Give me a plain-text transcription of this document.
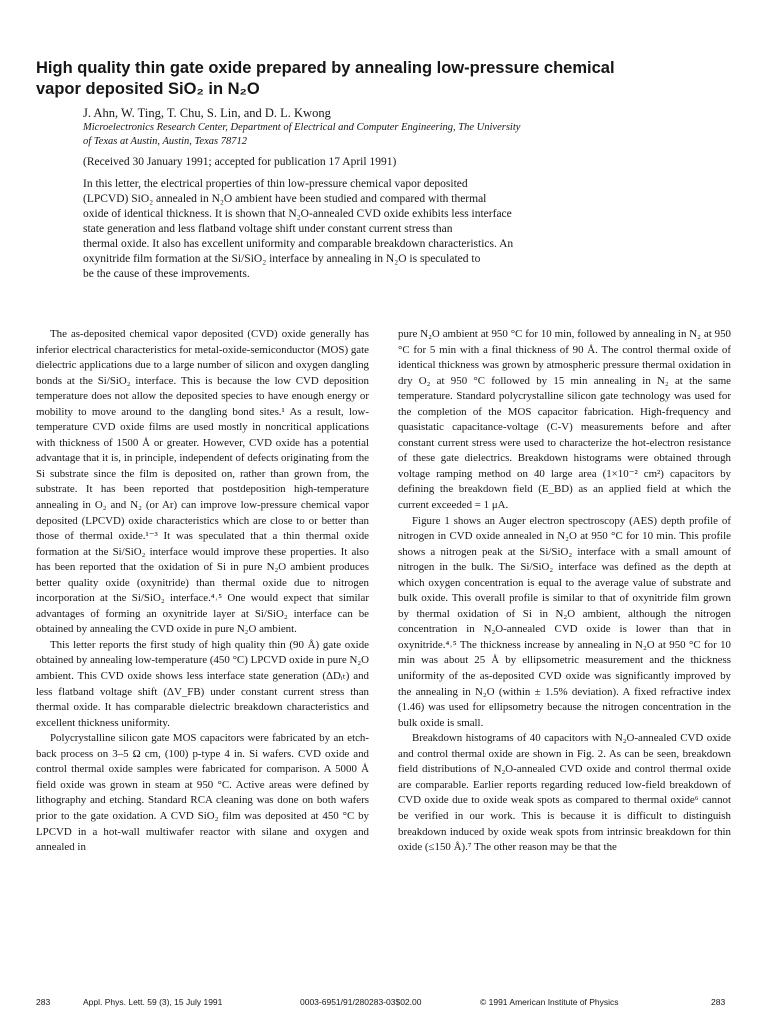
High quality thin gate oxide prepared by annealing low-pressure chemical
vapor deposited SiO₂ in N₂O

J. Ahn, W. Ting, T. Chu, S. Lin, and D. L. Kwong

Microelectronics Research Center, Department of Electrical and Computer Engineering, The University
of Texas at Austin, Austin, Texas 78712

(Received 30 January 1991; accepted for publication 17 April 1991)

In this letter, the electrical properties of thin low-pressure chemical vapor deposited
(LPCVD) SiO₂ annealed in N₂O ambient have been studied and compared with thermal
oxide of identical thickness. It is shown that N₂O-annealed CVD oxide exhibits less interface
state generation and less flatband voltage shift under constant current stress than
thermal oxide. It also has excellent uniformity and comparable breakdown characteristics. An
oxynitride film formation at the Si/SiO₂ interface by annealing in N₂O is speculated to
be the cause of these improvements.

The as-deposited chemical vapor deposited (CVD) oxide generally has inferior electrical characteristics for metal-oxide-semiconductor (MOS) gate dielectric applications due to a large number of silicon and oxygen dangling bonds at the Si/SiO₂ interface. This is because the low CVD deposition temperature does not allow the deposited species to have enough energy or mobility to move around to the dangling bond sites.¹ As a result, low-temperature CVD oxide films are used mostly in noncritical applications with thickness of 1500 Å or greater. However, CVD oxide has a potential advantage that it is, in principle, independent of defects originating from the Si substrate since the film is deposited on, rather than grown from, the substrate. It has been reported that postdeposition high-temperature annealing in O₂ and N₂ (or Ar) can improve low-pressure chemical vapor deposited (LPCVD) oxide characteristics which are close to or better than those of thermal oxide.¹⁻³ It was speculated that a thin thermal oxide formation at the Si/SiO₂ interface would improve these properties. It also has been reported that the oxidation of Si in pure N₂O ambient produces better quality oxide (oxynitride) than thermal oxide due to nitrogen incorporation at the Si/SiO₂ interface.⁴˒⁵ One would expect that similar advantages of forming an oxynitride layer at Si/SiO₂ interface can be obtained by annealing the CVD oxide in pure N₂O ambient.

This letter reports the first study of high quality thin (90 Å) gate oxide obtained by annealing low-temperature (450 °C) LPCVD oxide in pure N₂O ambient. This CVD oxide shows less interface state generation (ΔDᵢₜ) and less flatband voltage shift (ΔV_FB) under constant current stress than thermal oxide. It has comparable dielectric breakdown characteristics and excellent thickness uniformity.

Polycrystalline silicon gate MOS capacitors were fabricated by an etch-back process on 3–5 Ω cm, (100) p-type 4 in. Si wafers. CVD oxide and control thermal oxide samples were fabricated for comparison. A 5000 Å field oxide was grown in steam at 950 °C. Active areas were defined by lithography and etching. Standard RCA cleaning was done on both wafers prior to the gate oxidation. A CVD SiO₂ film was deposited at 450 °C by LPCVD in a hot-wall multiwafer reactor with silane and oxygen and annealed in

pure N₂O ambient at 950 °C for 10 min, followed by annealing in N₂ at 950 °C for 5 min with a final thickness of 90 Å. The control thermal oxide of identical thickness was grown by atmospheric pressure thermal oxidation in dry O₂ at 950 °C followed by 15 min annealing in N₂ at the same temperature. Standard polycrystalline silicon gate technology was used for the completion of the MOS capacitor fabrication. High-frequency and quasistatic capacitance-voltage (C-V) measurements before and after constant current stress were used to characterize the hot-electron resistance of these gate dielectrics. Breakdown histograms were obtained through voltage ramping method on 40 large area (1×10⁻² cm²) capacitors by defining the breakdown field (E_BD) as an applied field at which the current exceeded = 1 μA.

Figure 1 shows an Auger electron spectroscopy (AES) depth profile of nitrogen in CVD oxide annealed in N₂O at 950 °C for 10 min. This profile shows a nitrogen peak at the Si/SiO₂ interface with a small amount of nitrogen in the bulk. The Si/SiO₂ interface was defined as the depth at which oxygen concentration is equal to the average value of substrate and bulk oxide. This overall profile is similar to that of oxynitride film grown by thermal oxidation of Si in N₂O ambient, although the nitrogen concentration in N₂O-annealed CVD oxide is lower than that in oxynitride.⁴˒⁵ The thickness increase by annealing in N₂O at 950 °C for 10 min was about 25 Å by ellipsometric measurement and the thickness uniformity of the as-deposited CVD oxide was significantly improved by the annealing in N₂O (within ± 1.5% deviation). A fixed refractive index (1.46) was used for ellipsometry because the nitrogen concentration in the bulk oxide is small.

Breakdown histograms of 40 capacitors with N₂O-annealed CVD oxide and control thermal oxide are shown in Fig. 2. As can be seen, breakdown field distributions of N₂O-annealed CVD oxide and control thermal oxide are comparable. Earlier reports regarding reduced low-field breakdown of CVD oxide due to oxide weak spots as compared to thermal oxide⁶ cannot be verified in our work. This is because it is difficult to distinguish breakdown induced by oxide weak spots from intrinsic breakdown for thin oxide (≤150 Å).⁷ The other reason may be that the

283	Appl. Phys. Lett. 59 (3), 15 July 1991	0003-6951/91/280283-03$02.00	© 1991 American Institute of Physics	283
